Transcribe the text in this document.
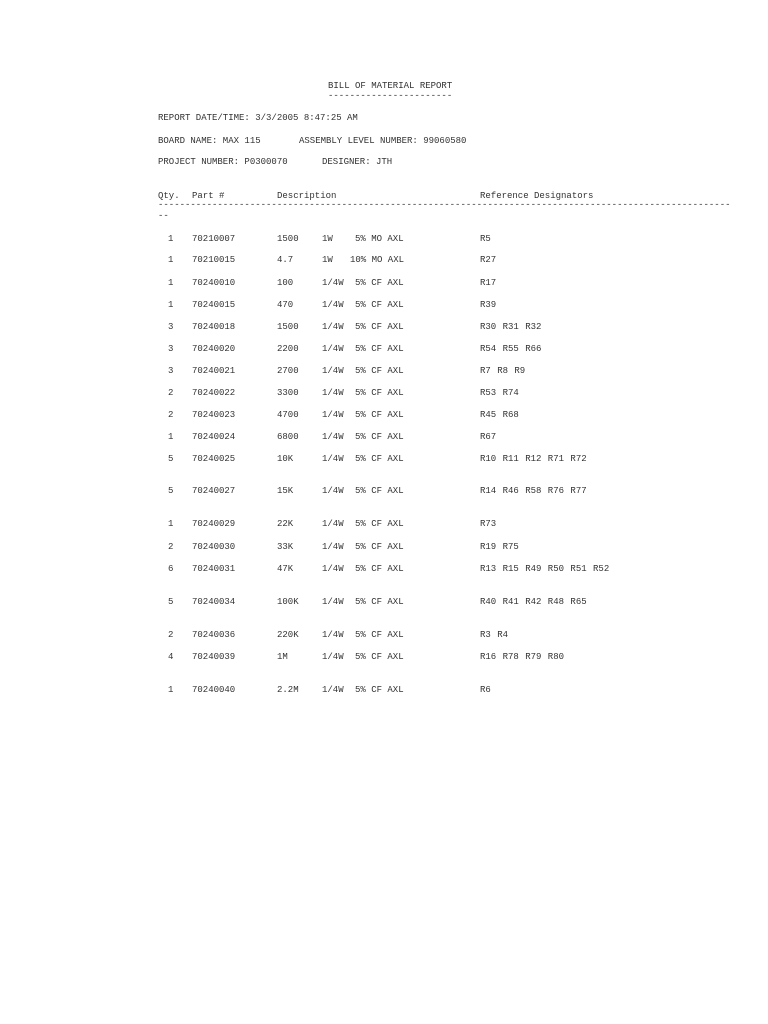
BILL OF MATERIAL REPORT
-----------------------
REPORT DATE/TIME: 3/3/2005 8:47:25 AM
BOARD NAME: MAX 115	ASSEMBLY LEVEL NUMBER: 99060580
PROJECT NUMBER: P0300070	DESIGNER: JTH
Qty. Part #	Description	Reference Designators
----------------------------------------------------------------------------------------------------------
--
1 70210007	1500	1W 5% MO AXL	R5
1 70210015	4.7	1W 10% MO AXL	R27
1 70240010	100	1/4W 5% CF AXL	R17
1 70240015	470	1/4W 5% CF AXL	R39
3 70240018	1500	1/4W 5% CF AXL	R30 R31 R32
3 70240020	2200	1/4W 5% CF AXL	R54 R55 R66
3 70240021	2700	1/4W 5% CF AXL	R7 R8 R9
2 70240022	3300	1/4W 5% CF AXL	R53 R74
2 70240023	4700	1/4W 5% CF AXL	R45 R68
1 70240024	6800	1/4W 5% CF AXL	R67
5 70240025	10K	1/4W 5% CF AXL	R10 R11 R12 R71 R72
5 70240027	15K	1/4W 5% CF AXL	R14 R46 R58 R76 R77
1 70240029	22K	1/4W 5% CF AXL	R73
2 70240030	33K	1/4W 5% CF AXL	R19 R75
6 70240031	47K	1/4W 5% CF AXL	R13 R15 R49 R50 R51 R52
5 70240034	100K	1/4W 5% CF AXL	R40 R41 R42 R48 R65
2 70240036	220K	1/4W 5% CF AXL	R3 R4
4 70240039	1M	1/4W 5% CF AXL	R16 R78 R79 R80
1 70240040	2.2M	1/4W 5% CF AXL	R6
